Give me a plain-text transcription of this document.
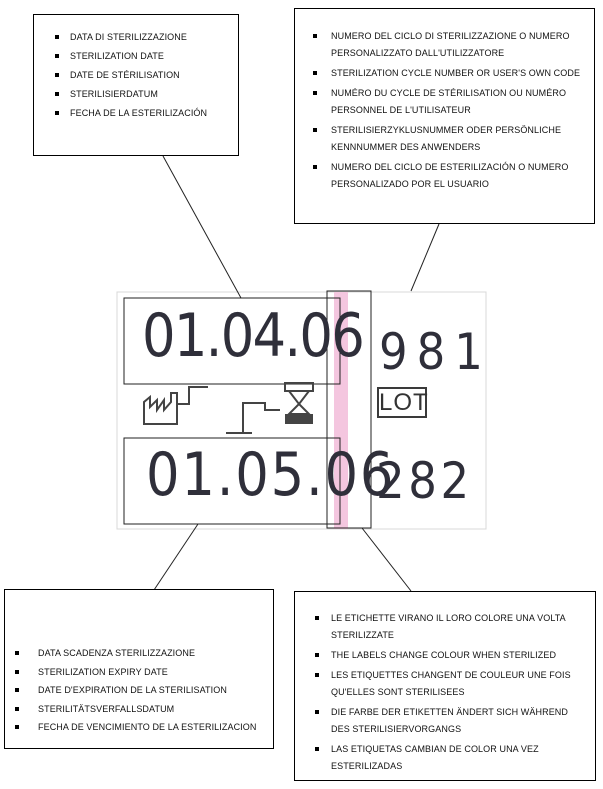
01.04.06
01.05.06
981
LOT
282
DATA DI STERILIZZAZIONE
STERILIZATION DATE
DATE DE STÉRILISATION
STERILISIERDATUM
FECHA DE LA ESTERILIZACIÓN
NUMERO DEL CICLO DI STERILIZZAZIONE O NUMERO PERSONALIZZATO DALL'UTILIZZATORE
STERILIZATION CYCLE NUMBER OR USER'S OWN CODE
NUMÉRO DU CYCLE DE STÉRILISATION OU NUMÉRO PERSONNEL DE L'UTILISATEUR
STERILISIERZYKLUSNUMMER ODER PERSÖNLICHE KENNNUMMER DES ANWENDERS
NUMERO DEL CICLO DE ESTERILIZACIÓN O NUMERO PERSONALIZADO POR EL USUARIO
DATA SCADENZA STERILIZZAZIONE
STERILIZATION EXPIRY DATE
DATE D'EXPIRATION DE LA STERILISATION
STERILITÄTSVERFALLSDATUM
FECHA DE VENCIMIENTO DE LA ESTERILIZACION
LE ETICHETTE VIRANO IL LORO COLORE UNA VOLTA STERILIZZATE
THE LABELS CHANGE COLOUR WHEN STERILIZED
LES ETIQUETTES CHANGENT DE COULEUR UNE FOIS QU'ELLES SONT STERILISEES
DIE FARBE DER ETIKETTEN ÄNDERT SICH WÄHREND DES STERILISIERVORGANGS
LAS ETIQUETAS CAMBIAN DE COLOR UNA VEZ ESTERILIZADAS
